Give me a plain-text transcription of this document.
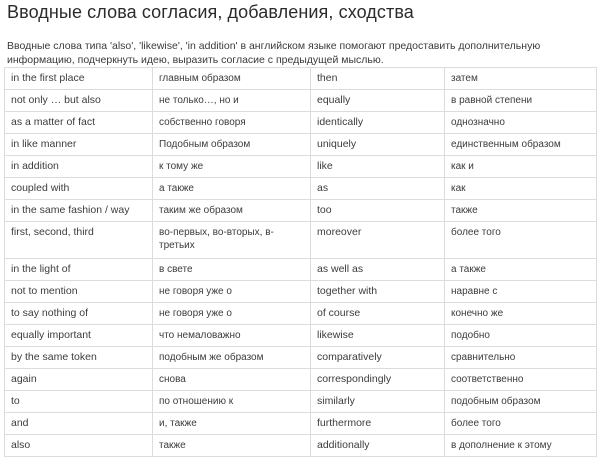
Вводные слова согласия, добавления, сходства
Вводные слова типа 'also', 'likewise', 'in addition' в английском языке помогают предоставить дополнительную информацию, подчеркнуть идею, выразить согласие с предыдущей мыслью.
in the first place	главным образом	then	затем
not only … but also	не только…, но и	equally	в равной степени
as a matter of fact	собственно говоря	identically	однозначно
in like manner	Подобным образом	uniquely	единственным образом
in addition	к тому же	like	как и
coupled with	а также	as	как
in the same fashion / way	таким же образом	too	также
first, second, third	во-первых, во-вторых, в-третьих	moreover	более того
in the light of	в свете	as well as	а также
not to mention	не говоря уже о	together with	наравне с
to say nothing of	не говоря уже о	of course	конечно же
equally important	что немаловажно	likewise	подобно
by the same token	подобным же образом	comparatively	сравнительно
again	снова	correspondingly	соответственно
to	по отношению к	similarly	подобным образом
and	и, также	furthermore	более того
also	также	additionally	в дополнение к этому
